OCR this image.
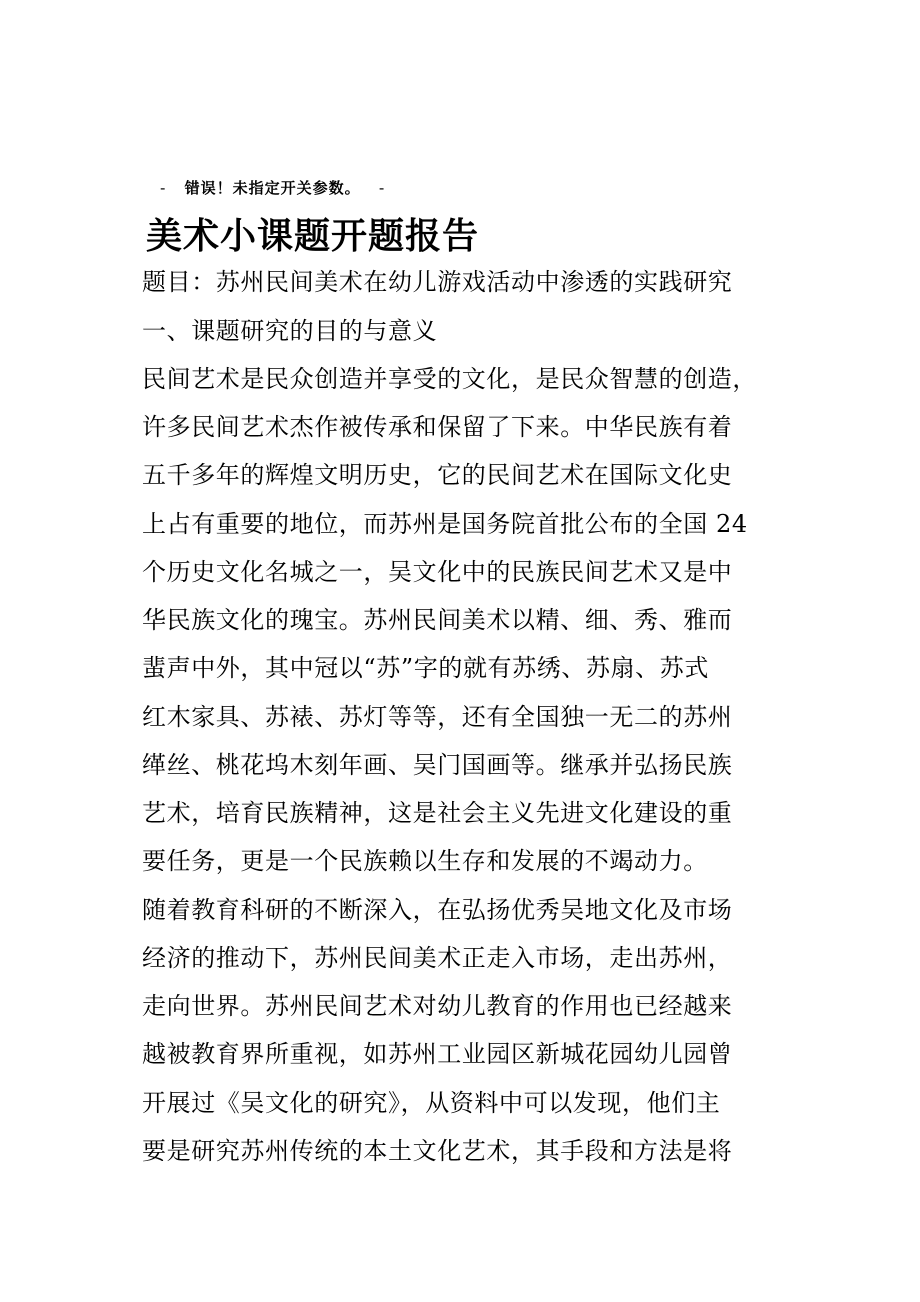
- 错误！未指定开关参数。 -
美术小课题开题报告
题目：苏州民间美术在幼儿游戏活动中渗透的实践研究
一、课题研究的目的与意义
民间艺术是民众创造并享受的文化，是民众智慧的创造，
许多民间艺术杰作被传承和保留了下来。中华民族有着
五千多年的辉煌文明历史，它的民间艺术在国际文化史
上占有重要的地位，而苏州是国务院首批公布的全国 24
个历史文化名城之一，吴文化中的民族民间艺术又是中
华民族文化的瑰宝。苏州民间美术以精、细、秀、雅而
蜚声中外，其中冠以“苏”字的就有苏绣、苏扇、苏式
红木家具、苏裱、苏灯等等，还有全国独一无二的苏州
缂丝、桃花坞木刻年画、吴门国画等。继承并弘扬民族
艺术，培育民族精神，这是社会主义先进文化建设的重
要任务，更是一个民族赖以生存和发展的不竭动力。
随着教育科研的不断深入，在弘扬优秀吴地文化及市场
经济的推动下，苏州民间美术正走入市场，走出苏州，
走向世界。苏州民间艺术对幼儿教育的作用也已经越来
越被教育界所重视，如苏州工业园区新城花园幼儿园曾
开展过《吴文化的研究》，从资料中可以发现，他们主
要是研究苏州传统的本土文化艺术，其手段和方法是将
